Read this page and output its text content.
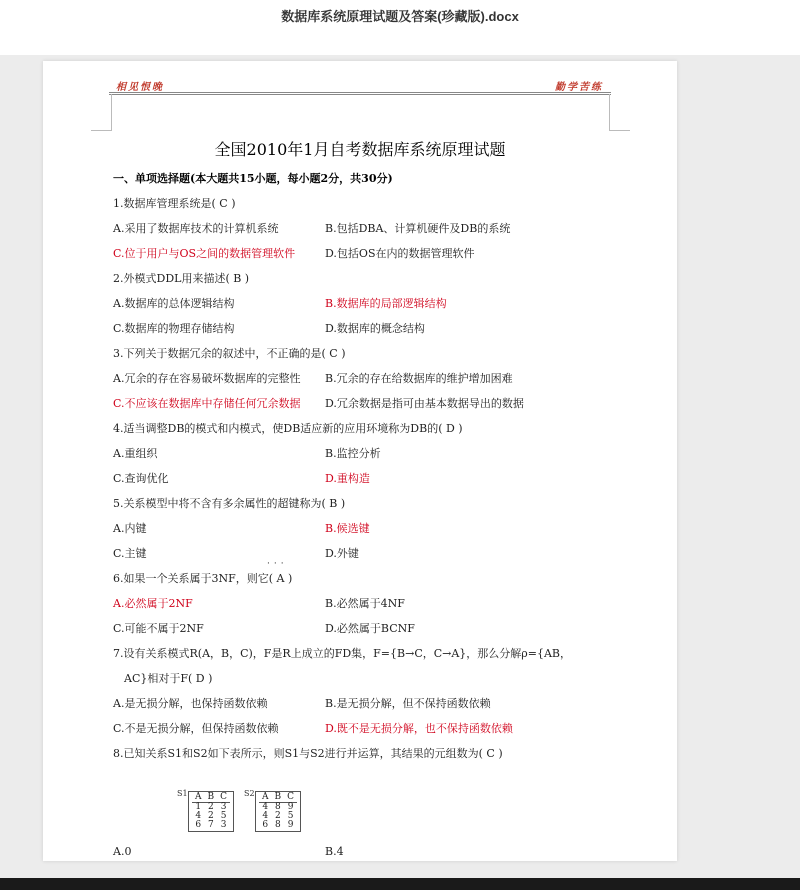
数据库系统原理试题及答案(珍藏版).docx
相见恨晚	勤学苦练
全国2010年1月自考数据库系统原理试题
一、单项选择题(本大题共15小题，每小题2分，共30分)
1.数据库管理系统是( C )
A.采用了数据库技术的计算机系统	B.包括DBA、计算机硬件及DB的系统
C.位于用户与OS之间的数据管理软件	D.包括OS在内的数据管理软件
2.外模式DDL用来描述( B )
A.数据库的总体逻辑结构	B.数据库的局部逻辑结构
C.数据库的物理存储结构	D.数据库的概念结构
3.下列关于数据冗余的叙述中，不正确的是( C )
A.冗余的存在容易破坏数据库的完整性 B.冗余的存在给数据库的维护增加困难
C.不应该在数据库中存储任何冗余数据 D.冗余数据是指可由基本数据导出的数据
4.适当调整DB的模式和内模式，使DB适应新的应用环境称为DB的( D )
A.重组织	B.监控分析
C.查询优化	D.重构造
5.关系模型中将不含有多余属性的超键称为( B )
A.内键	B.候选键
C.主键	D.外键
···
6.如果一个关系属于3NF，则它( A )
A.必然属于2NF	B.必然属于4NF
C.可能不属于2NF	D.必然属于BCNF
7.设有关系模式R(A，B，C)，F是R上成立的FD集，F={B→C，C→A}，那么分解ρ={AB，
AC}相对于F( D )
A.是无损分解，也保持函数依赖	B.是无损分解，但不保持函数依赖
C.不是无损分解，但保持函数依赖	D.既不是无损分解，也不保持函数依赖
8.已知关系S1和S2如下表所示，则S1与S2进行并运算，其结果的元组数为( C )
S1 A	B	C
1	2	3
4	2	5
6	7	3
S2 A	B	C
4	8	9
4	2	5
6	8	9
A.0	B.4
